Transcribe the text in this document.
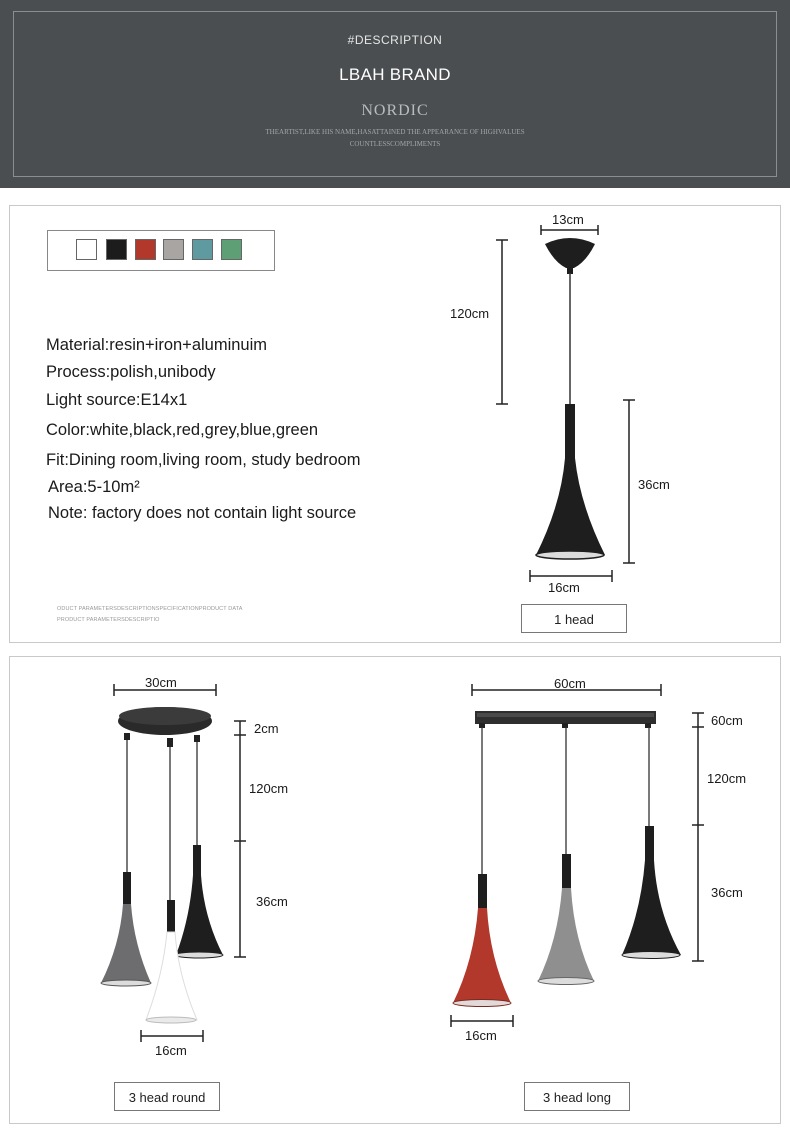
#DESCRIPTION
LBAH BRAND
NORDIC
THEARTIST,LIKE HIS NAME,HASATTAINED THE APPEARANCE OF HIGHVALUES
COUNTLESSCOMPLIMENTS
Material:resin+iron+aluminuim
Process:polish,unibody
Light source:E14x1
Color:white,black,red,grey,blue,green
Fit:Dining room,living room, study bedroom
Area:5-10m²
Note: factory does not contain light source
ODUCT PARAMETERSDESCRIPTIONSPECIFICATIONPRODUCT DATA
PRODUCT PARAMETERSDESCRIPTIO
13cm
120cm
36cm
16cm
1 head
30cm
2cm
120cm
36cm
16cm
3 head round
60cm
60cm
120cm
36cm
16cm
3 head long
